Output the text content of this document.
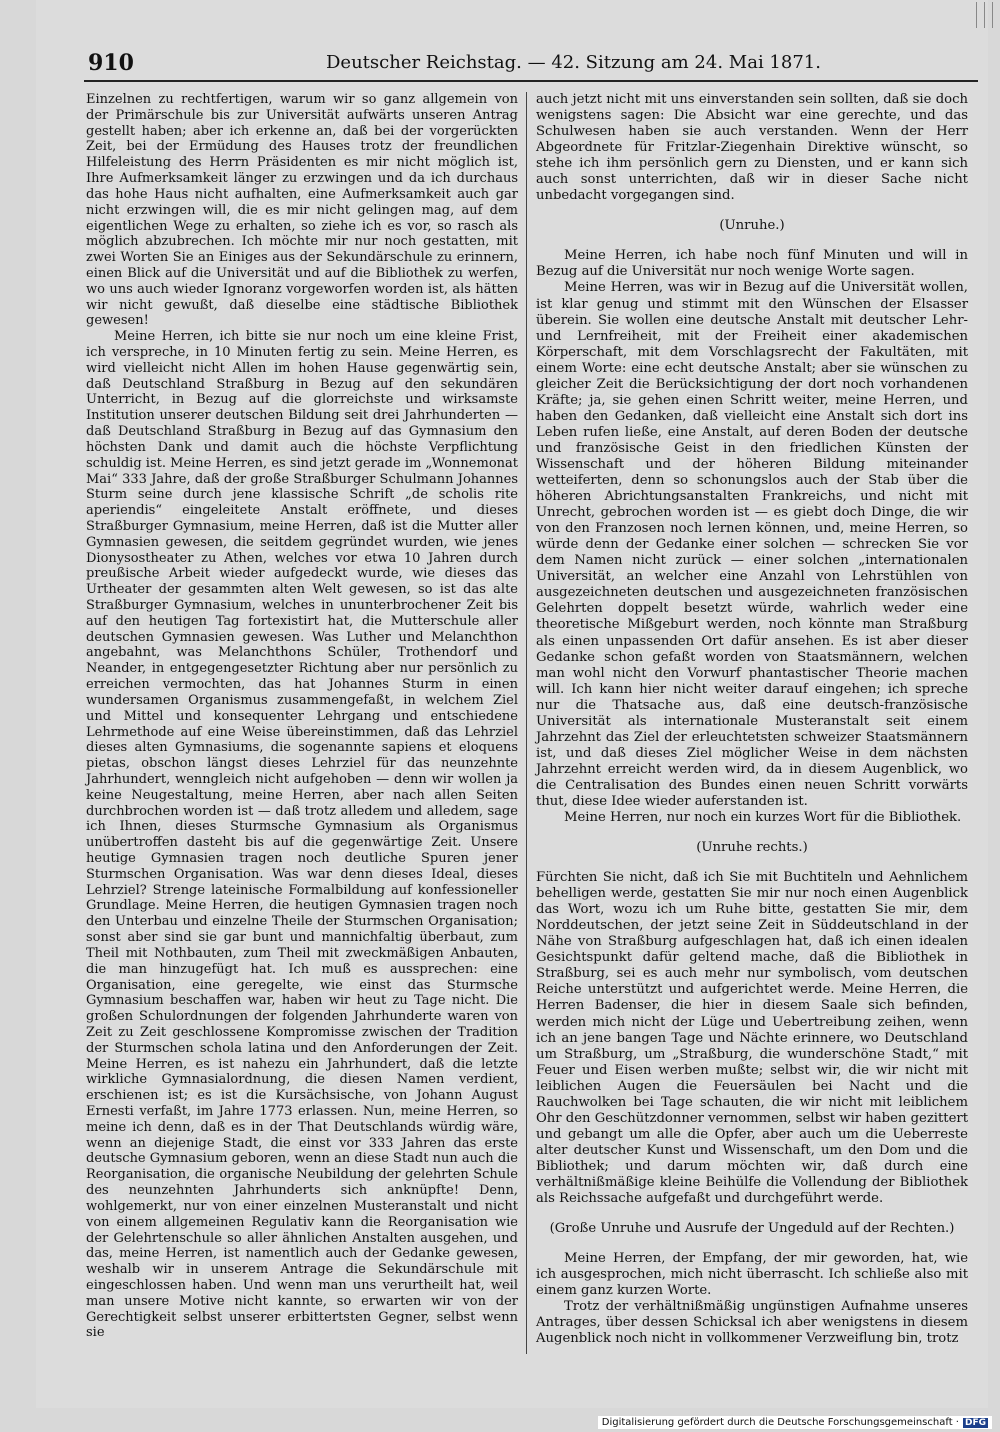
910	Deutscher Reichstag. — 42. Sitzung am 24. Mai 1871.

Einzelnen zu rechtfertigen, warum wir so ganz allgemein von der Primärschule bis zur Universität aufwärts unseren Antrag gestellt haben; aber ich erkenne an, daß bei der vorgerückten Zeit, bei der Ermüdung des Hauses trotz der freundlichen Hilfeleistung des Herrn Präsidenten es mir nicht möglich ist, Ihre Aufmerksamkeit länger zu erzwingen und da ich durchaus das hohe Haus nicht aufhalten, eine Aufmerksamkeit auch gar nicht erzwingen will, die es mir nicht gelingen mag, auf dem eigentlichen Wege zu erhalten, so ziehe ich es vor, so rasch als möglich abzubrechen. Ich möchte mir nur noch gestatten, mit zwei Worten Sie an Einiges aus der Sekundärschule zu erinnern, einen Blick auf die Universität und auf die Bibliothek zu werfen, wo uns auch wieder Ignoranz vorgeworfen worden ist, als hätten wir nicht gewußt, daß dieselbe eine städtische Bibliothek gewesen!

Meine Herren, ich bitte sie nur noch um eine kleine Frist, ich verspreche, in 10 Minuten fertig zu sein. Meine Herren, es wird vielleicht nicht Allen im hohen Hause gegenwärtig sein, daß Deutschland Straßburg in Bezug auf den sekundären Unterricht, in Bezug auf die glorreichste und wirksamste Institution unserer deutschen Bildung seit drei Jahrhunderten — daß Deutschland Straßburg in Bezug auf das Gymnasium den höchsten Dank und damit auch die höchste Verpflichtung schuldig ist. Meine Herren, es sind jetzt gerade im „Wonnemonat Mai“ 333 Jahre, daß der große Straßburger Schulmann Johannes Sturm seine durch jene klassische Schrift „de scholis rite aperiendis“ eingeleitete Anstalt eröffnete, und dieses Straßburger Gymnasium, meine Herren, daß ist die Mutter aller Gymnasien gewesen, die seitdem gegründet wurden, wie jenes Dionysostheater zu Athen, welches vor etwa 10 Jahren durch preußische Arbeit wieder aufgedeckt wurde, wie dieses das Urtheater der gesammten alten Welt gewesen, so ist das alte Straßburger Gymnasium, welches in ununterbrochener Zeit bis auf den heutigen Tag fortexistirt hat, die Mutterschule aller deutschen Gymnasien gewesen. Was Luther und Melanchthon angebahnt, was Melanchthons Schüler, Trothendorf und Neander, in entgegengesetzter Richtung aber nur persönlich zu erreichen vermochten, das hat Johannes Sturm in einen wundersamen Organismus zusammengefaßt, in welchem Ziel und Mittel und konsequenter Lehrgang und entschiedene Lehrmethode auf eine Weise übereinstimmen, daß das Lehrziel dieses alten Gymnasiums, die sogenannte sapiens et eloquens pietas, obschon längst dieses Lehrziel für das neunzehnte Jahrhundert, wenngleich nicht aufgehoben — denn wir wollen ja keine Neugestaltung, meine Herren, aber nach allen Seiten durchbrochen worden ist — daß trotz alledem und alledem, sage ich Ihnen, dieses Sturmsche Gymnasium als Organismus unübertroffen dasteht bis auf die gegenwärtige Zeit. Unsere heutige Gymnasien tragen noch deutliche Spuren jener Sturmschen Organisation. Was war denn dieses Ideal, dieses Lehrziel? Strenge lateinische Formalbildung auf konfessioneller Grundlage. Meine Herren, die heutigen Gymnasien tragen noch den Unterbau und einzelne Theile der Sturmschen Organisation; sonst aber sind sie gar bunt und mannichfaltig überbaut, zum Theil mit Nothbauten, zum Theil mit zweckmäßigen Anbauten, die man hinzugefügt hat. Ich muß es aussprechen: eine Organisation, eine geregelte, wie einst das Sturmsche Gymnasium beschaffen war, haben wir heut zu Tage nicht. Die großen Schulordnungen der folgenden Jahrhunderte waren von Zeit zu Zeit geschlossene Kompromisse zwischen der Tradition der Sturmschen schola latina und den Anforderungen der Zeit. Meine Herren, es ist nahezu ein Jahrhundert, daß die letzte wirkliche Gymnasialordnung, die diesen Namen verdient, erschienen ist; es ist die Kursächsische, von Johann August Ernesti verfaßt, im Jahre 1773 erlassen. Nun, meine Herren, so meine ich denn, daß es in der That Deutschlands würdig wäre, wenn an diejenige Stadt, die einst vor 333 Jahren das erste deutsche Gymnasium geboren, wenn an diese Stadt nun auch die Reorganisation, die organische Neubildung der gelehrten Schule des neunzehnten Jahrhunderts sich anknüpfte! Denn, wohlgemerkt, nur von einer einzelnen Musteranstalt und nicht von einem allgemeinen Regulativ kann die Reorganisation wie der Gelehrtenschule so aller ähnlichen Anstalten ausgehen, und das, meine Herren, ist namentlich auch der Gedanke gewesen, weshalb wir in unserem Antrage die Sekundärschule mit eingeschlossen haben. Und wenn man uns verurtheilt hat, weil man unsere Motive nicht kannte, so erwarten wir von der Gerechtigkeit selbst unserer erbittertsten Gegner, selbst wenn sie

auch jetzt nicht mit uns einverstanden sein sollten, daß sie doch wenigstens sagen: Die Absicht war eine gerechte, und das Schulwesen haben sie auch verstanden. Wenn der Herr Abgeordnete für Fritzlar-Ziegenhain Direktive wünscht, so stehe ich ihm persönlich gern zu Diensten, und er kann sich auch sonst unterrichten, daß wir in dieser Sache nicht unbedacht vorgegangen sind.

(Unruhe.)

Meine Herren, ich habe noch fünf Minuten und will in Bezug auf die Universität nur noch wenige Worte sagen.

Meine Herren, was wir in Bezug auf die Universität wollen, ist klar genug und stimmt mit den Wünschen der Elsasser überein. Sie wollen eine deutsche Anstalt mit deutscher Lehr- und Lernfreiheit, mit der Freiheit einer akademischen Körperschaft, mit dem Vorschlagsrecht der Fakultäten, mit einem Worte: eine echt deutsche Anstalt; aber sie wünschen zu gleicher Zeit die Berücksichtigung der dort noch vorhandenen Kräfte; ja, sie gehen einen Schritt weiter, meine Herren, und haben den Gedanken, daß vielleicht eine Anstalt sich dort ins Leben rufen ließe, eine Anstalt, auf deren Boden der deutsche und französische Geist in den friedlichen Künsten der Wissenschaft und der höheren Bildung miteinander wetteiferten, denn so schonungslos auch der Stab über die höheren Abrichtungsanstalten Frankreichs, und nicht mit Unrecht, gebrochen worden ist — es giebt doch Dinge, die wir von den Franzosen noch lernen können, und, meine Herren, so würde denn der Gedanke einer solchen — schrecken Sie vor dem Namen nicht zurück — einer solchen „internationalen Universität, an welcher eine Anzahl von Lehrstühlen von ausgezeichneten deutschen und ausgezeichneten französischen Gelehrten doppelt besetzt würde, wahrlich weder eine theoretische Mißgeburt werden, noch könnte man Straßburg als einen unpassenden Ort dafür ansehen. Es ist aber dieser Gedanke schon gefaßt worden von Staatsmännern, welchen man wohl nicht den Vorwurf phantastischer Theorie machen will. Ich kann hier nicht weiter darauf eingehen; ich spreche nur die Thatsache aus, daß eine deutsch-französische Universität als internationale Musteranstalt seit einem Jahrzehnt das Ziel der erleuchtetsten schweizer Staatsmännern ist, und daß dieses Ziel möglicher Weise in dem nächsten Jahrzehnt erreicht werden wird, da in diesem Augenblick, wo die Centralisation des Bundes einen neuen Schritt vorwärts thut, diese Idee wieder auferstanden ist.

Meine Herren, nur noch ein kurzes Wort für die Bibliothek.

(Unruhe rechts.)

Fürchten Sie nicht, daß ich Sie mit Buchtiteln und Aehnlichem behelligen werde, gestatten Sie mir nur noch einen Augenblick das Wort, wozu ich um Ruhe bitte, gestatten Sie mir, dem Norddeutschen, der jetzt seine Zeit in Süddeutschland in der Nähe von Straßburg aufgeschlagen hat, daß ich einen idealen Gesichtspunkt dafür geltend mache, daß die Bibliothek in Straßburg, sei es auch mehr nur symbolisch, vom deutschen Reiche unterstützt und aufgerichtet werde. Meine Herren, die Herren Badenser, die hier in diesem Saale sich befinden, werden mich nicht der Lüge und Uebertreibung zeihen, wenn ich an jene bangen Tage und Nächte erinnere, wo Deutschland um Straßburg, um „Straßburg, die wunderschöne Stadt,“ mit Feuer und Eisen werben mußte; selbst wir, die wir nicht mit leiblichen Augen die Feuersäulen bei Nacht und die Rauchwolken bei Tage schauten, die wir nicht mit leiblichem Ohr den Geschützdonner vernommen, selbst wir haben gezittert und gebangt um alle die Opfer, aber auch um die Ueberreste alter deutscher Kunst und Wissenschaft, um den Dom und die Bibliothek; und darum möchten wir, daß durch eine verhältnißmäßige kleine Beihülfe die Vollendung der Bibliothek als Reichssache aufgefaßt und durchgeführt werde.

(Große Unruhe und Ausrufe der Ungeduld auf der Rechten.)

Meine Herren, der Empfang, der mir geworden, hat, wie ich ausgesprochen, mich nicht überrascht. Ich schließe also mit einem ganz kurzen Worte.

Trotz der verhältnißmäßig ungünstigen Aufnahme unseres Antrages, über dessen Schicksal ich aber wenigstens in diesem Augenblick noch nicht in vollkommener Verzweiflung bin, trotz

Digitalisierung gefördert durch die Deutsche Forschungsgemeinschaft · DFG
